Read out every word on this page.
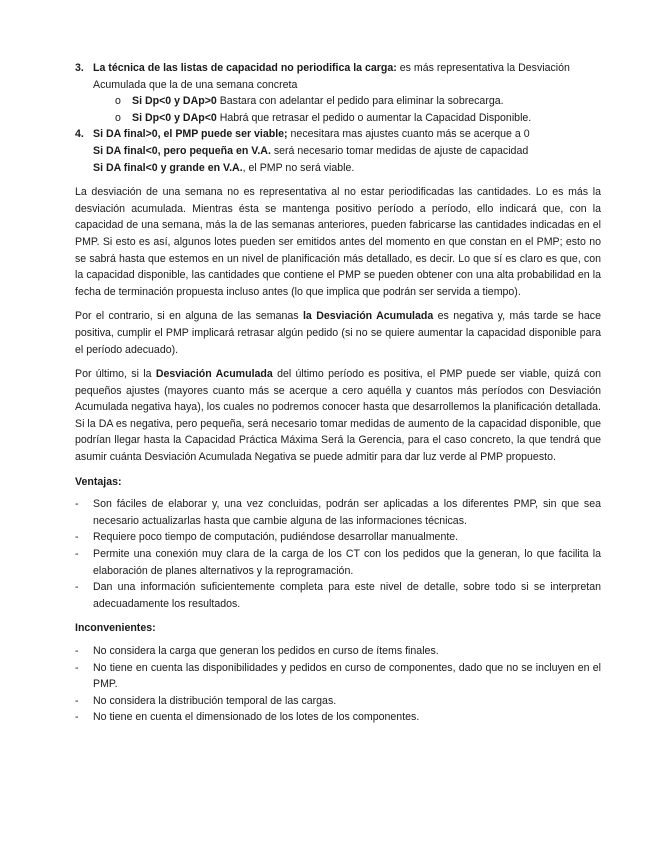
3. La técnica de las listas de capacidad no periodifica la carga: es más representativa la Desviación Acumulada que la de una semana concreta
o Si Dp<0 y DAp>0 Bastara con adelantar el pedido para eliminar la sobrecarga.
o Si Dp<0 y DAp<0 Habrá que retrasar el pedido o aumentar la Capacidad Disponible.
4. Si DA final>0, el PMP puede ser viable; necesitara mas ajustes cuanto más se acerque a 0
Si DA final<0, pero pequeña en V.A. será necesario tomar medidas de ajuste de capacidad
Si DA final<0 y grande en V.A., el PMP no será viable.

La desviación de una semana no es representativa al no estar periodificadas las cantidades. Lo es más la desviación acumulada. Mientras ésta se mantenga positivo período a período, ello indicará que, con la capacidad de una semana, más la de las semanas anteriores, pueden fabricarse las cantidades indicadas en el PMP. Si esto es así, algunos lotes pueden ser emitidos antes del momento en que constan en el PMP; esto no se sabrá hasta que estemos en un nivel de planificación más detallado, es decir. Lo que sí es claro es que, con la capacidad disponible, las cantidades que contiene el PMP se pueden obtener con una alta probabilidad en la fecha de terminación propuesta incluso antes (lo que implica que podrán ser servida a tiempo).

Por el contrario, si en alguna de las semanas la Desviación Acumulada es negativa y, más tarde se hace positiva, cumplir el PMP implicará retrasar algún pedido (si no se quiere aumentar la capacidad disponible para el período adecuado).

Por último, si la Desviación Acumulada del último período es positiva, el PMP puede ser viable, quizá con pequeños ajustes (mayores cuanto más se acerque a cero aquélla y cuantos más períodos con Desviación Acumulada negativa haya), los cuales no podremos conocer hasta que desarrollemos la planificación detallada. Si la DA es negativa, pero pequeña, será necesario tomar medidas de aumento de la capacidad disponible, que podrían llegar hasta la Capacidad Práctica Máxima Será la Gerencia, para el caso concreto, la que tendrá que asumir cuánta Desviación Acumulada Negativa se puede admitir para dar luz verde al PMP propuesto.

Ventajas:

- Son fáciles de elaborar y, una vez concluidas, podrán ser aplicadas a los diferentes PMP, sin que sea necesario actualizarlas hasta que cambie alguna de las informaciones técnicas.
- Requiere poco tiempo de computación, pudiéndose desarrollar manualmente.
- Permite una conexión muy clara de la carga de los CT con los pedidos que la generan, lo que facilita la elaboración de planes alternativos y la reprogramación.
- Dan una información suficientemente completa para este nivel de detalle, sobre todo si se interpretan adecuadamente los resultados.

Inconvenientes:

- No considera la carga que generan los pedidos en curso de ítems finales.
- No tiene en cuenta las disponibilidades y pedidos en curso de componentes, dado que no se incluyen en el PMP.
- No considera la distribución temporal de las cargas.
- No tiene en cuenta el dimensionado de los lotes de los componentes.
